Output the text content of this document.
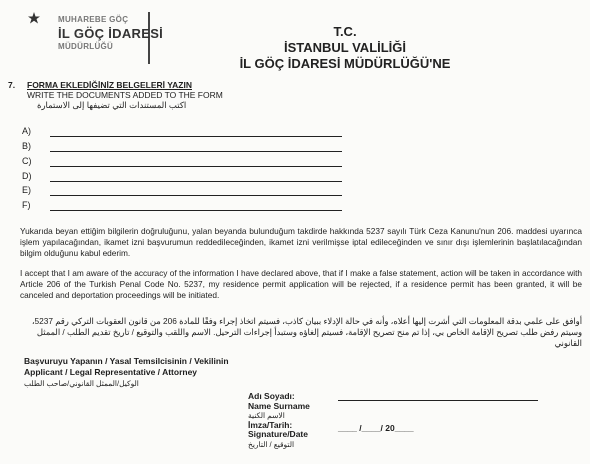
MUHAREBE GÖÇ
İL GÖÇ İDARESİ
MÜDÜRLÜĞÜ
T.C.
İSTANBUL VALİLİĞİ
İL GÖÇ İDARESİ MÜDÜRLÜĞÜ'NE
7. FORMA EKLEDİĞİNİZ BELGELERİ YAZIN
WRITE THE DOCUMENTS ADDED TO THE FORM
اكتب المستندات التي تضيفها إلى الاستمارة
A)
B)
C)
D)
E)
F)
Yukarıda beyan ettiğim bilgilerin doğruluğunu, yalan beyanda bulunduğum takdirde hakkında 5237 sayılı Türk Ceza Kanunu'nun 206. maddesi uyarınca işlem yapılacağından, ikamet izni başvurumun reddedileceğinden, ikamet izni verilmişse iptal edileceğinden ve sınır dışı işlemlerinin başlatılacağından bilgim olduğunu kabul ederim.
I accept that I am aware of the accuracy of the information I have declared above, that if I make a false statement, action will be taken in accordance with Article 206 of the Turkish Penal Code No. 5237, my residence permit application will be rejected, if a residence permit has been granted, it will be canceled and deportation proceedings will be initiated.
أوافق على علمي بدقة المعلومات التي أشرت إليها أعلاه، وأنه في حالة الإدلاء ببيان كاذب، فسيتم اتخاذ إجراء وفقًا للمادة 206 من قانون العقوبات التركي رقم 5237، وسيتم رفض طلب تصريح الإقامة الخاص بي، إذا تم منح تصريح الإقامة، فسيتم إلغاؤه وستبدأ إجراءات الترحيل. الاسم واللقب والتوقيع / تاريخ تقديم الطلب / الممثل القانوني
Başvuruyu Yapanın / Yasal Temsilcisinin / Vekilinin
Applicant / Legal Representative / Attorney
الوكيل/الممثل القانوني/صاحب الطلب
Adı Soyadı:
Name Surname
الاسم الكنية
İmza/Tarih:
Signature/Date
التوقيع / التاريخ
____ /____/ 20____
